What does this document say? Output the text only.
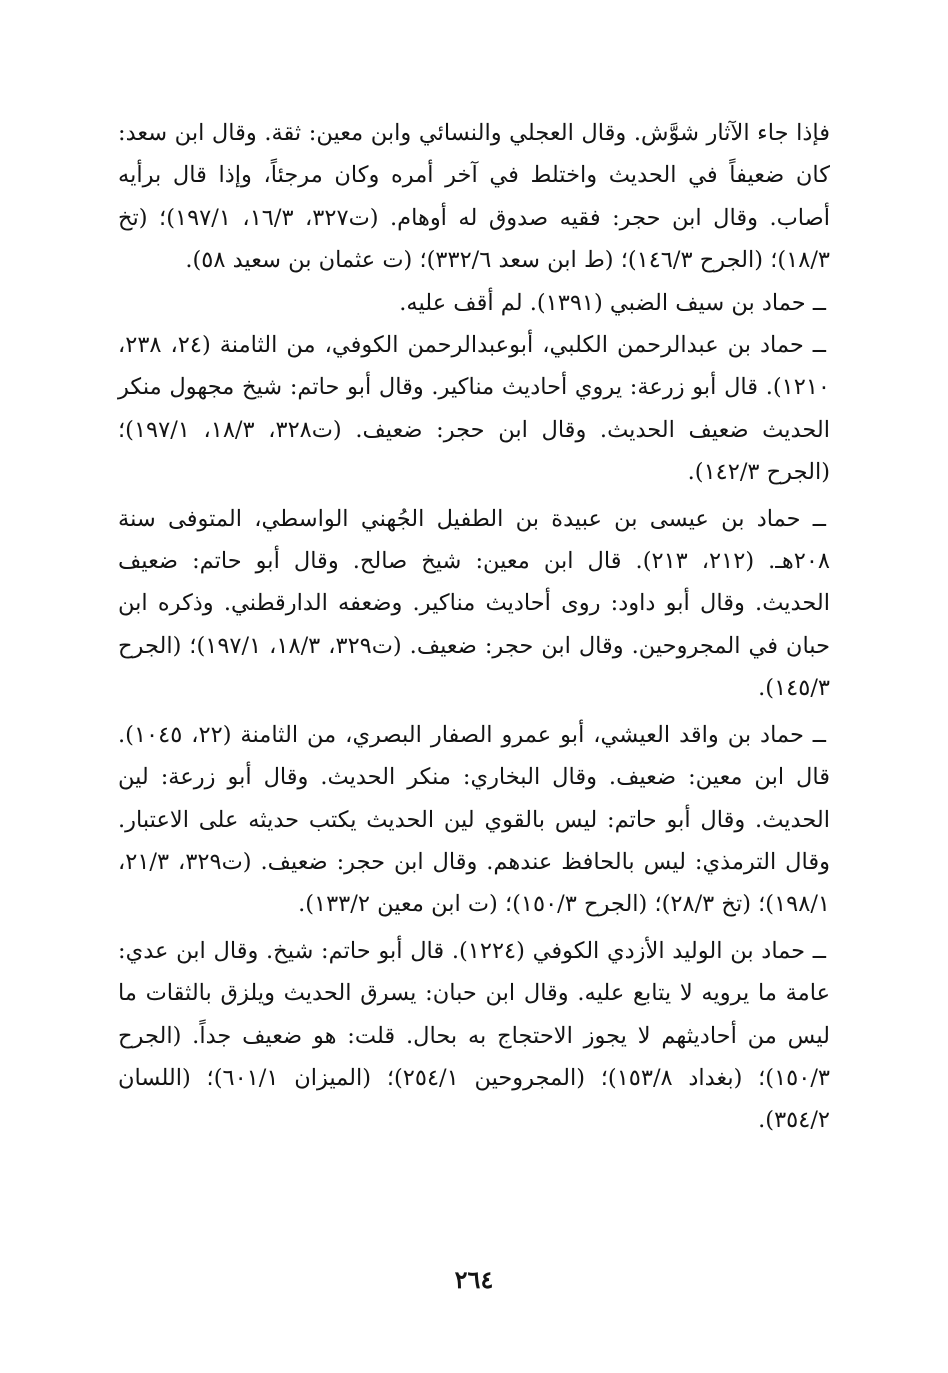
فإذا جاء الآثار شوَّش. وقال العجلي والنسائي وابن معين: ثقة. وقال ابن سعد: كان ضعيفاً في الحديث واختلط في آخر أمره وكان مرجئاً، وإذا قال برأيه أصاب. وقال ابن حجر: فقيه صدوق له أوهام. (ت٣٢٧، ١٦/٣، ١٩٧/١)؛ (تخ ١٨/٣)؛ (الجرح ١٤٦/٣)؛ (ط ابن سعد ٣٣٢/٦)؛ (ت عثمان بن سعيد ٥٨).

ــ حماد بن سيف الضبي (١٣٩١). لم أقف عليه.

ــ حماد بن عبدالرحمن الكلبي، أبوعبدالرحمن الكوفي، من الثامنة (٢٤، ٢٣٨، ١٢١٠). قال أبو زرعة: يروي أحاديث مناكير. وقال أبو حاتم: شيخ مجهول منكر الحديث ضعيف الحديث. وقال ابن حجر: ضعيف. (ت٣٢٨، ١٨/٣، ١٩٧/١)؛ (الجرح ١٤٢/٣).

ــ حماد بن عيسى بن عبيدة بن الطفيل الجُهني الواسطي، المتوفى سنة ٢٠٨هـ. (٢١٢، ٢١٣). قال ابن معين: شيخ صالح. وقال أبو حاتم: ضعيف الحديث. وقال أبو داود: روى أحاديث مناكير. وضعفه الدارقطني. وذكره ابن حبان في المجروحين. وقال ابن حجر: ضعيف. (ت٣٢٩، ١٨/٣، ١٩٧/١)؛ (الجرح ١٤٥/٣).

ــ حماد بن واقد العيشي، أبو عمرو الصفار البصري، من الثامنة (٢٢، ١٠٤٥). قال ابن معين: ضعيف. وقال البخاري: منكر الحديث. وقال أبو زرعة: لين الحديث. وقال أبو حاتم: ليس بالقوي لين الحديث يكتب حديثه على الاعتبار. وقال الترمذي: ليس بالحافظ عندهم. وقال ابن حجر: ضعيف. (ت٣٢٩، ٢١/٣، ١٩٨/١)؛ (تخ ٢٨/٣)؛ (الجرح ١٥٠/٣)؛ (ت ابن معين ١٣٣/٢).

ــ حماد بن الوليد الأزدي الكوفي (١٢٢٤). قال أبو حاتم: شيخ. وقال ابن عدي: عامة ما يرويه لا يتابع عليه. وقال ابن حبان: يسرق الحديث ويلزق بالثقات ما ليس من أحاديثهم لا يجوز الاحتجاج به بحال. قلت: هو ضعيف جداً. (الجرح ١٥٠/٣)؛ (بغداد ١٥٣/٨)؛ (المجروحين ٢٥٤/١)؛ (الميزان ٦٠١/١)؛ (اللسان ٣٥٤/٢).

٢٦٤
